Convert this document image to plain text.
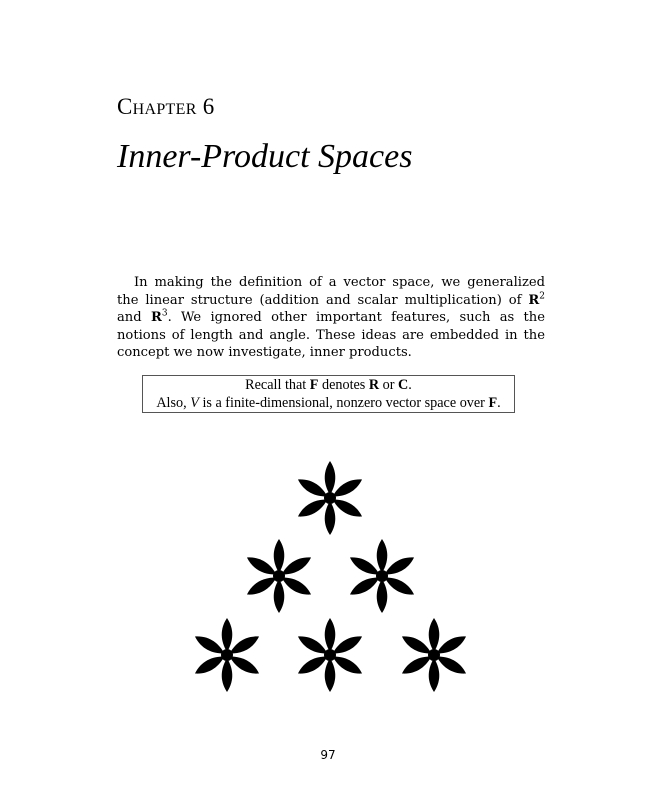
Chapter 6
Inner-Product Spaces
In making the definition of a vector space, we generalized the linear structure (addition and scalar multiplication) of $R^2$ and $R^3$. We ignored other important features, such as the notions of length and angle. These ideas are embedded in the concept we now investigate, inner products.
Recall that F denotes R or C.
Also, V is a finite-dimensional, nonzero vector space over F.
97
